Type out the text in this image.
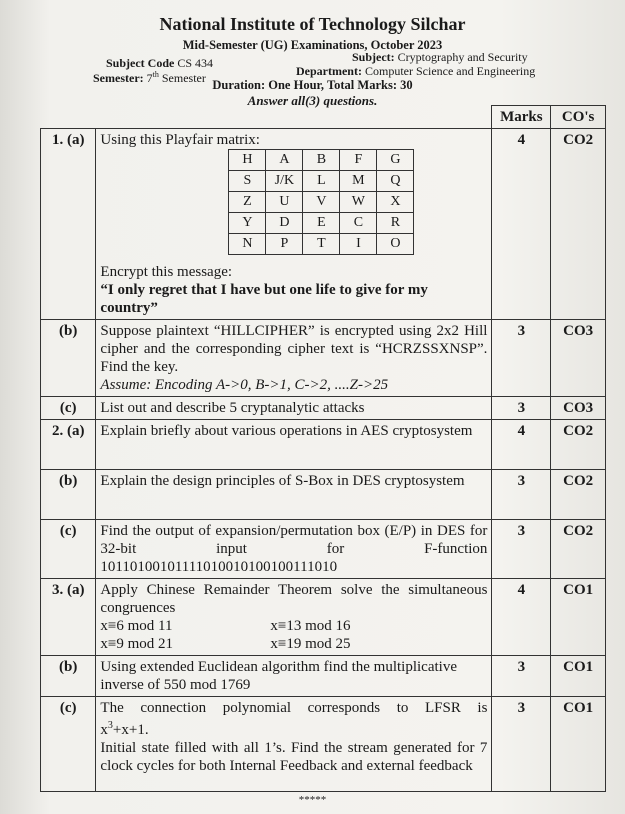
National Institute of Technology Silchar
Mid-Semester (UG) Examinations, October 2023
Subject Code CS 434	Subject: Cryptography and Security
Semester: 7th Semester	Department: Computer Science and Engineering
Duration: One Hour, Total Marks: 30
Answer all(3) questions.
		Marks	CO's
1. (a)	Using this Playfair matrix:
H	A	B	F	G
S	J/K	L	M	Q
Z	U	V	W	X
Y	D	E	C	R
N	P	T	I	O
Encrypt this message:
“I only regret that I have but one life to give for my country”
	4	CO2
(b)	Suppose plaintext “HILLCIPHER” is encrypted using 2x2 Hill cipher and the corresponding cipher text is “HCRZSSXNSP”. Find the key.
Assume: Encoding A->0, B->1, C->2, ....Z->25
	3	CO3
(c)	List out and describe 5 cryptanalytic attacks	3	CO3
2. (a)	Explain briefly about various operations in AES cryptosystem	4	CO2
(b)	Explain the design principles of S-Box in DES cryptosystem	3	CO2
(c)	Find the output of expansion/permutation box (E/P) in DES for 32-bit input for F-function
10110100101111010010100100111010
	3	CO2
3. (a)	Apply Chinese Remainder Theorem solve the simultaneous congruences
x≡6 mod 11	x≡13 mod 16
x≡9 mod 21	x≡19 mod 25
	4	CO1
(b)	Using extended Euclidean algorithm find the multiplicative inverse of 550 mod 1769	3	CO1
(c)	The connection polynomial corresponds to LFSR is
$x^3+x+1$.
Initial state filled with all 1’s. Find the stream generated for 7 clock cycles for both Internal Feedback and external feedback
	3	CO1
*****
